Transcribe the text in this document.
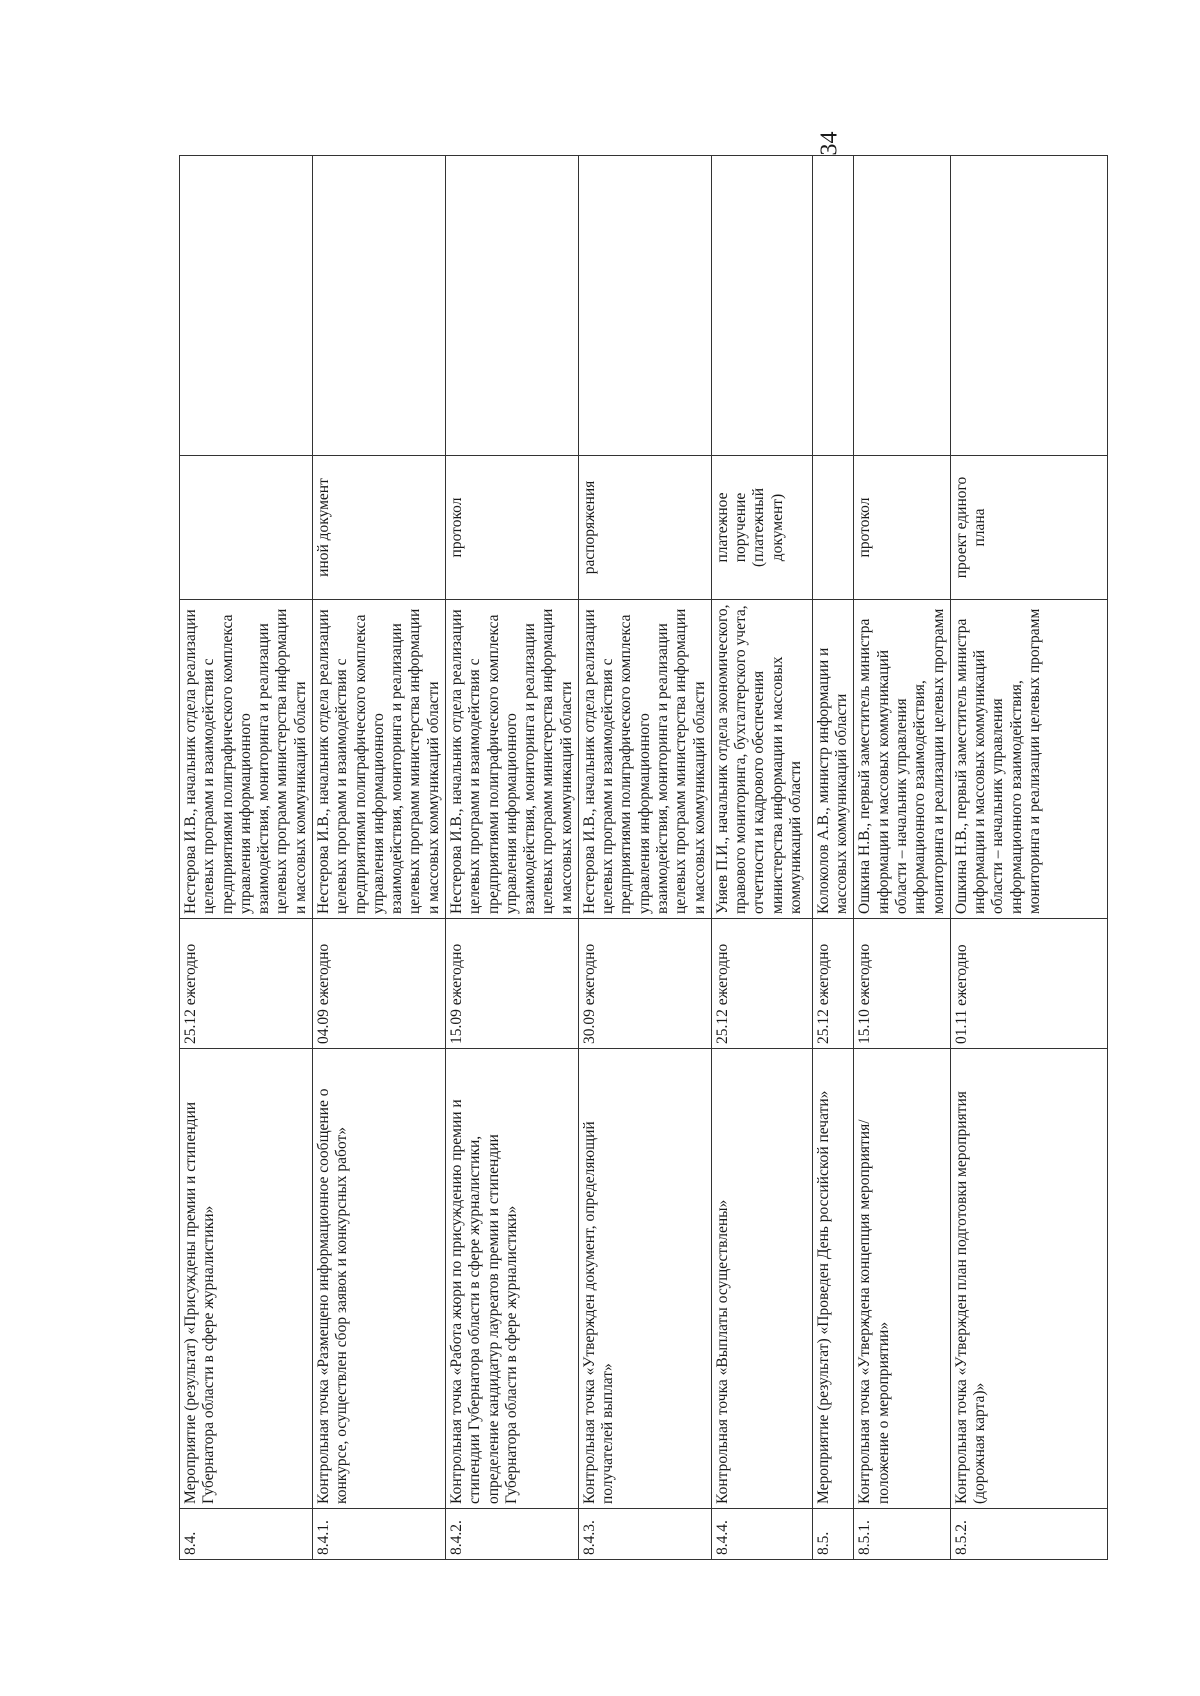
34
8.4.	Мероприятие (результат) «Присуждены премии и стипендии Губернатора области в сфере журналистики»	25.12 ежегодно	Нестерова И.В., начальник отдела реализации целевых программ и взаимодействия с предприятиями полиграфического комплекса управления информационного взаимодействия, мониторинга и реализации целевых программ министерства информации и массовых коммуникаций области		
8.4.1.	Контрольная точка «Размещено информационное сообщение о конкурсе, осуществлен сбор заявок и конкурсных работ»	04.09 ежегодно	Нестерова И.В., начальник отдела реализации целевых программ и взаимодействия с предприятиями полиграфического комплекса управления информационного взаимодействия, мониторинга и реализации целевых программ министерства информации и массовых коммуникаций области	иной документ	
8.4.2.	Контрольная точка «Работа жюри по присуждению премии и стипендии Губернатора области в сфере журналистики, определение кандидатур лауреатов премии и стипендии Губернатора области в сфере журналистики»	15.09 ежегодно	Нестерова И.В., начальник отдела реализации целевых программ и взаимодействия с предприятиями полиграфического комплекса управления информационного взаимодействия, мониторинга и реализации целевых программ министерства информации и массовых коммуникаций области	протокол	
8.4.3.	Контрольная точка «Утвержден документ, определяющий получателей выплат»	30.09 ежегодно	Нестерова И.В., начальник отдела реализации целевых программ и взаимодействия с предприятиями полиграфического комплекса управления информационного взаимодействия, мониторинга и реализации целевых программ министерства информации и массовых коммуникаций области	распоряжения	
8.4.4.	Контрольная точка «Выплаты осуществлены»	25.12 ежегодно	Уняев П.И., начальник отдела экономического, правового мониторинга, бухгалтерского учета, отчетности и кадрового обеспечения министерства информации и массовых коммуникаций области	платежное поручение (платежный документ)	
8.5.	Мероприятие (результат) «Проведен День российской печати»	25.12 ежегодно	Колоколов А.В., министр информации и массовых коммуникаций области		
8.5.1.	Контрольная точка «Утверждена концепция мероприятия/положение о мероприятии»	15.10 ежегодно	Ошкина Н.В., первый заместитель министра информации и массовых коммуникаций области – начальник управления информационного взаимодействия, мониторинга и реализации целевых программ	протокол	
8.5.2.	Контрольная точка «Утвержден план подготовки мероприятия (дорожная карта)»	01.11 ежегодно	Ошкина Н.В., первый заместитель министра информации и массовых коммуникаций области – начальник управления информационного взаимодействия, мониторинга и реализации целевых программ	проект единого плана	
